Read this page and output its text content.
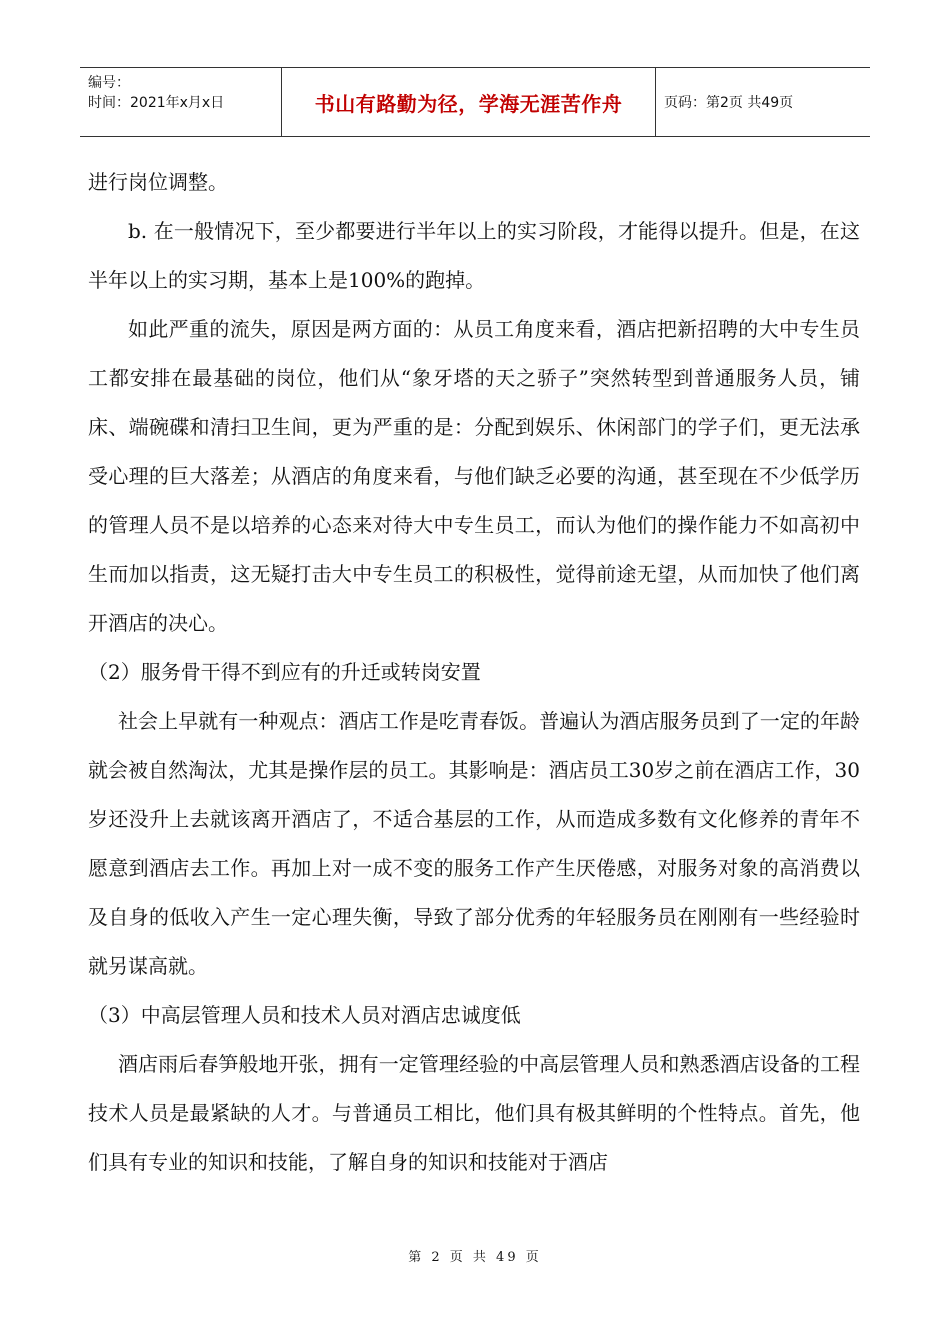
编号：
时间：2021年x月x日	书山有路勤为径，学海无涯苦作舟	页码：第2页 共49页

进行岗位调整。

b. 在一般情况下，至少都要进行半年以上的实习阶段，才能得以提升。但是，在这半年以上的实习期，基本上是100%的跑掉。

如此严重的流失，原因是两方面的：从员工角度来看，酒店把新招聘的大中专生员工都安排在最基础的岗位，他们从“象牙塔的天之骄子”突然转型到普通服务人员，铺床、端碗碟和清扫卫生间，更为严重的是：分配到娱乐、休闲部门的学子们，更无法承受心理的巨大落差；从酒店的角度来看，与他们缺乏必要的沟通，甚至现在不少低学历的管理人员不是以培养的心态来对待大中专生员工，而认为他们的操作能力不如高初中生而加以指责，这无疑打击大中专生员工的积极性，觉得前途无望，从而加快了他们离开酒店的决心。

（2）服务骨干得不到应有的升迁或转岗安置

社会上早就有一种观点：酒店工作是吃青春饭。普遍认为酒店服务员到了一定的年龄就会被自然淘汰，尤其是操作层的员工。其影响是：酒店员工30岁之前在酒店工作，30岁还没升上去就该离开酒店了，不适合基层的工作，从而造成多数有文化修养的青年不愿意到酒店去工作。再加上对一成不变的服务工作产生厌倦感，对服务对象的高消费以及自身的低收入产生一定心理失衡，导致了部分优秀的年轻服务员在刚刚有一些经验时就另谋高就。

（3）中高层管理人员和技术人员对酒店忠诚度低

酒店雨后春笋般地开张，拥有一定管理经验的中高层管理人员和熟悉酒店设备的工程技术人员是最紧缺的人才。与普通员工相比，他们具有极其鲜明的个性特点。首先，他们具有专业的知识和技能，了解自身的知识和技能对于酒店

第 2 页 共 49 页
